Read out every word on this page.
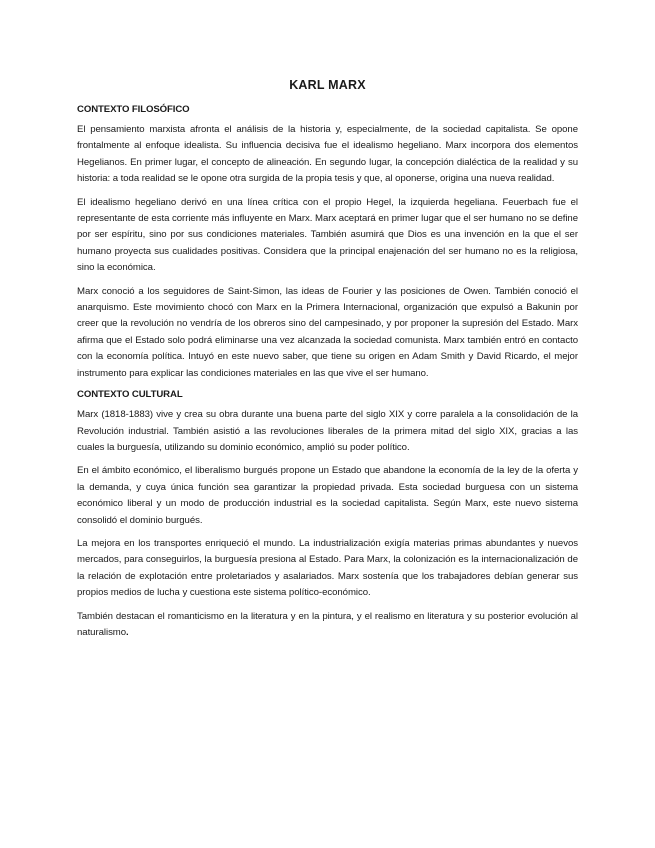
KARL MARX
CONTEXTO FILOSÓFICO

El pensamiento marxista afronta el análisis de la historia y, especialmente, de la sociedad capitalista. Se opone frontalmente al enfoque idealista. Su influencia decisiva fue el idealismo hegeliano. Marx incorpora dos elementos Hegelianos. En primer lugar, el concepto de alineación. En segundo lugar, la concepción dialéctica de la realidad y su historia: a toda realidad se le opone otra surgida de la propia tesis y que, al oponerse, origina una nueva realidad.

El idealismo hegeliano derivó en una línea crítica con el propio Hegel, la izquierda hegeliana. Feuerbach fue el representante de esta corriente más influyente en Marx. Marx aceptará en primer lugar que el ser humano no se define por ser espíritu, sino por sus condiciones materiales. También asumirá que Dios es una invención en la que el ser humano proyecta sus cualidades positivas. Considera que la principal enajenación del ser humano no es la religiosa, sino la económica.

Marx conoció a los seguidores de Saint-Simon, las ideas de Fourier y las posiciones de Owen. También conoció el anarquismo. Este movimiento chocó con Marx en la Primera Internacional, organización que expulsó a Bakunin por creer que la revolución no vendría de los obreros sino del campesinado, y por proponer la supresión del Estado. Marx afirma que el Estado solo podrá eliminarse una vez alcanzada la sociedad comunista. Marx también entró en contacto con la economía política. Intuyó en este nuevo saber, que tiene su origen en Adam Smith y David Ricardo, el mejor instrumento para explicar las condiciones materiales en las que vive el ser humano.

CONTEXTO CULTURAL

Marx (1818-1883) vive y crea su obra durante una buena parte del siglo XIX y corre paralela a la consolidación de la Revolución industrial. También asistió a las revoluciones liberales de la primera mitad del siglo XIX, gracias a las cuales la burguesía, utilizando su dominio económico, amplió su poder político.

En el ámbito económico, el liberalismo burgués propone un Estado que abandone la economía de la ley de la oferta y la demanda, y cuya única función sea garantizar la propiedad privada. Esta sociedad burguesa con un sistema económico liberal y un modo de producción industrial es la sociedad capitalista. Según Marx, este nuevo sistema consolidó el dominio burgués.

La mejora en los transportes enriqueció el mundo. La industrialización exigía materias primas abundantes y nuevos mercados, para conseguirlos, la burguesía presiona al Estado. Para Marx, la colonización es la internacionalización de la relación de explotación entre proletariados y asalariados. Marx sostenía que los trabajadores debían generar sus propios medios de lucha y cuestiona este sistema político-económico.

También destacan el romanticismo en la literatura y en la pintura, y el realismo en literatura y su posterior evolución al naturalismo.
